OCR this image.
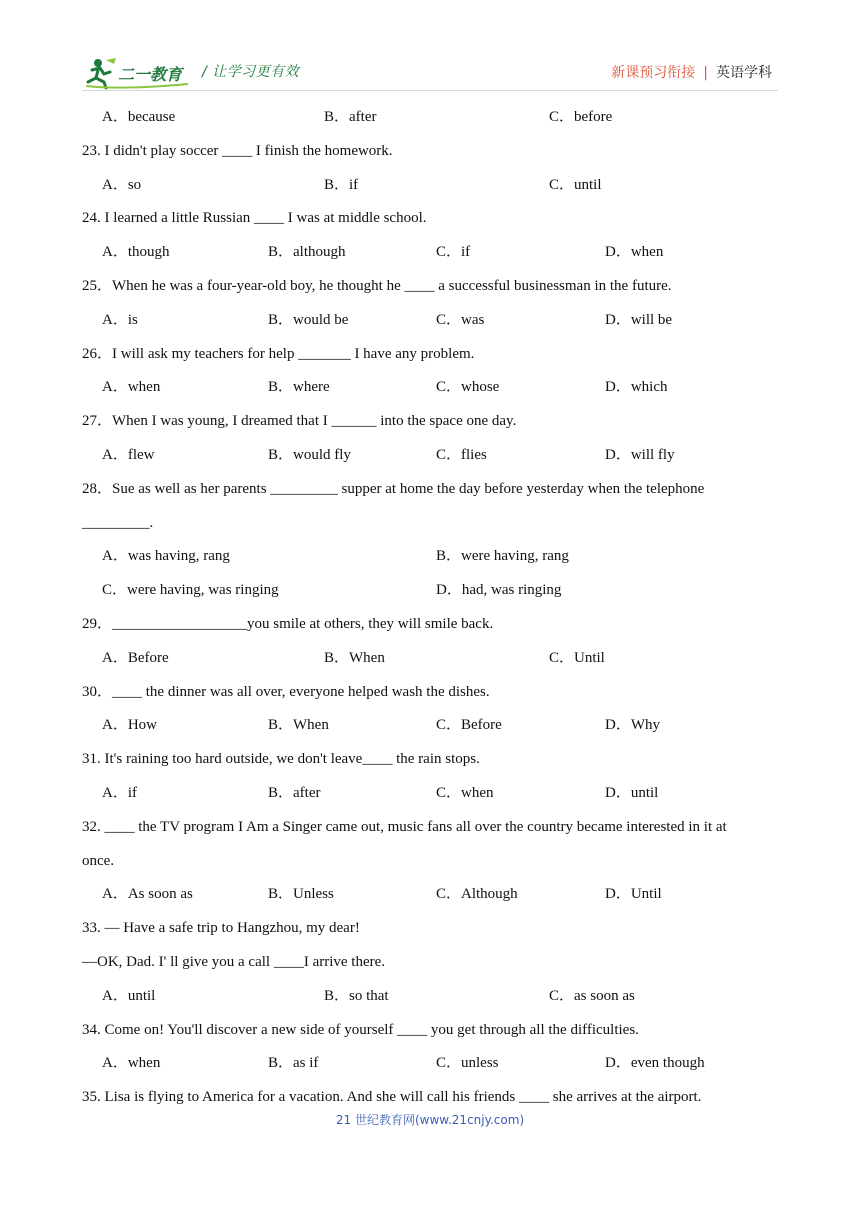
二一教育 / 让学习更有效	新课预习衔接 | 英语学科
A．because	B．after	C．before
23. I didn't play soccer ____ I finish the homework.
A．so	B．if	C．until
24. I learned a little Russian ____ I was at middle school.
A．though	B．although	C．if	D．when
25．When he was a four-year-old boy, he thought he ____ a successful businessman in the future.
A．is	B．would be	C．was	D．will be
26．I will ask my teachers for help _______ I have any problem.
A．when	B．where	C．whose	D．which
27．When I was young, I dreamed that I ______ into the space one day.
A．flew	B．would fly	C．flies	D．will fly
28．Sue as well as her parents _________ supper at home the day before yesterday when the telephone
_________.
A．was having, rang	B．were having, rang
C．were having, was ringing	D．had, was ringing
29．__________________you smile at others, they will smile back.
A．Before	B．When	C．Until
30．____ the dinner was all over, everyone helped wash the dishes.
A．How	B．When	C．Before	D．Why
31. It's raining too hard outside, we don't leave____ the rain stops.
A．if	B．after	C．when	D．until
32. ____ the TV program I Am a Singer came out, music fans all over the country became interested in it at
once.
A．As soon as	B．Unless	C．Although	D．Until
33. — Have a safe trip to Hangzhou, my dear!
—OK, Dad. I' ll give you a call ____I arrive there.
A．until	B．so that	C．as soon as
34. Come on! You'll discover a new side of yourself ____ you get through all the difficulties.
A．when	B．as if	C．unless	D．even though
35. Lisa is flying to America for a vacation. And she will call his friends ____ she arrives at the airport.
21 世纪教育网(www.21cnjy.com)
